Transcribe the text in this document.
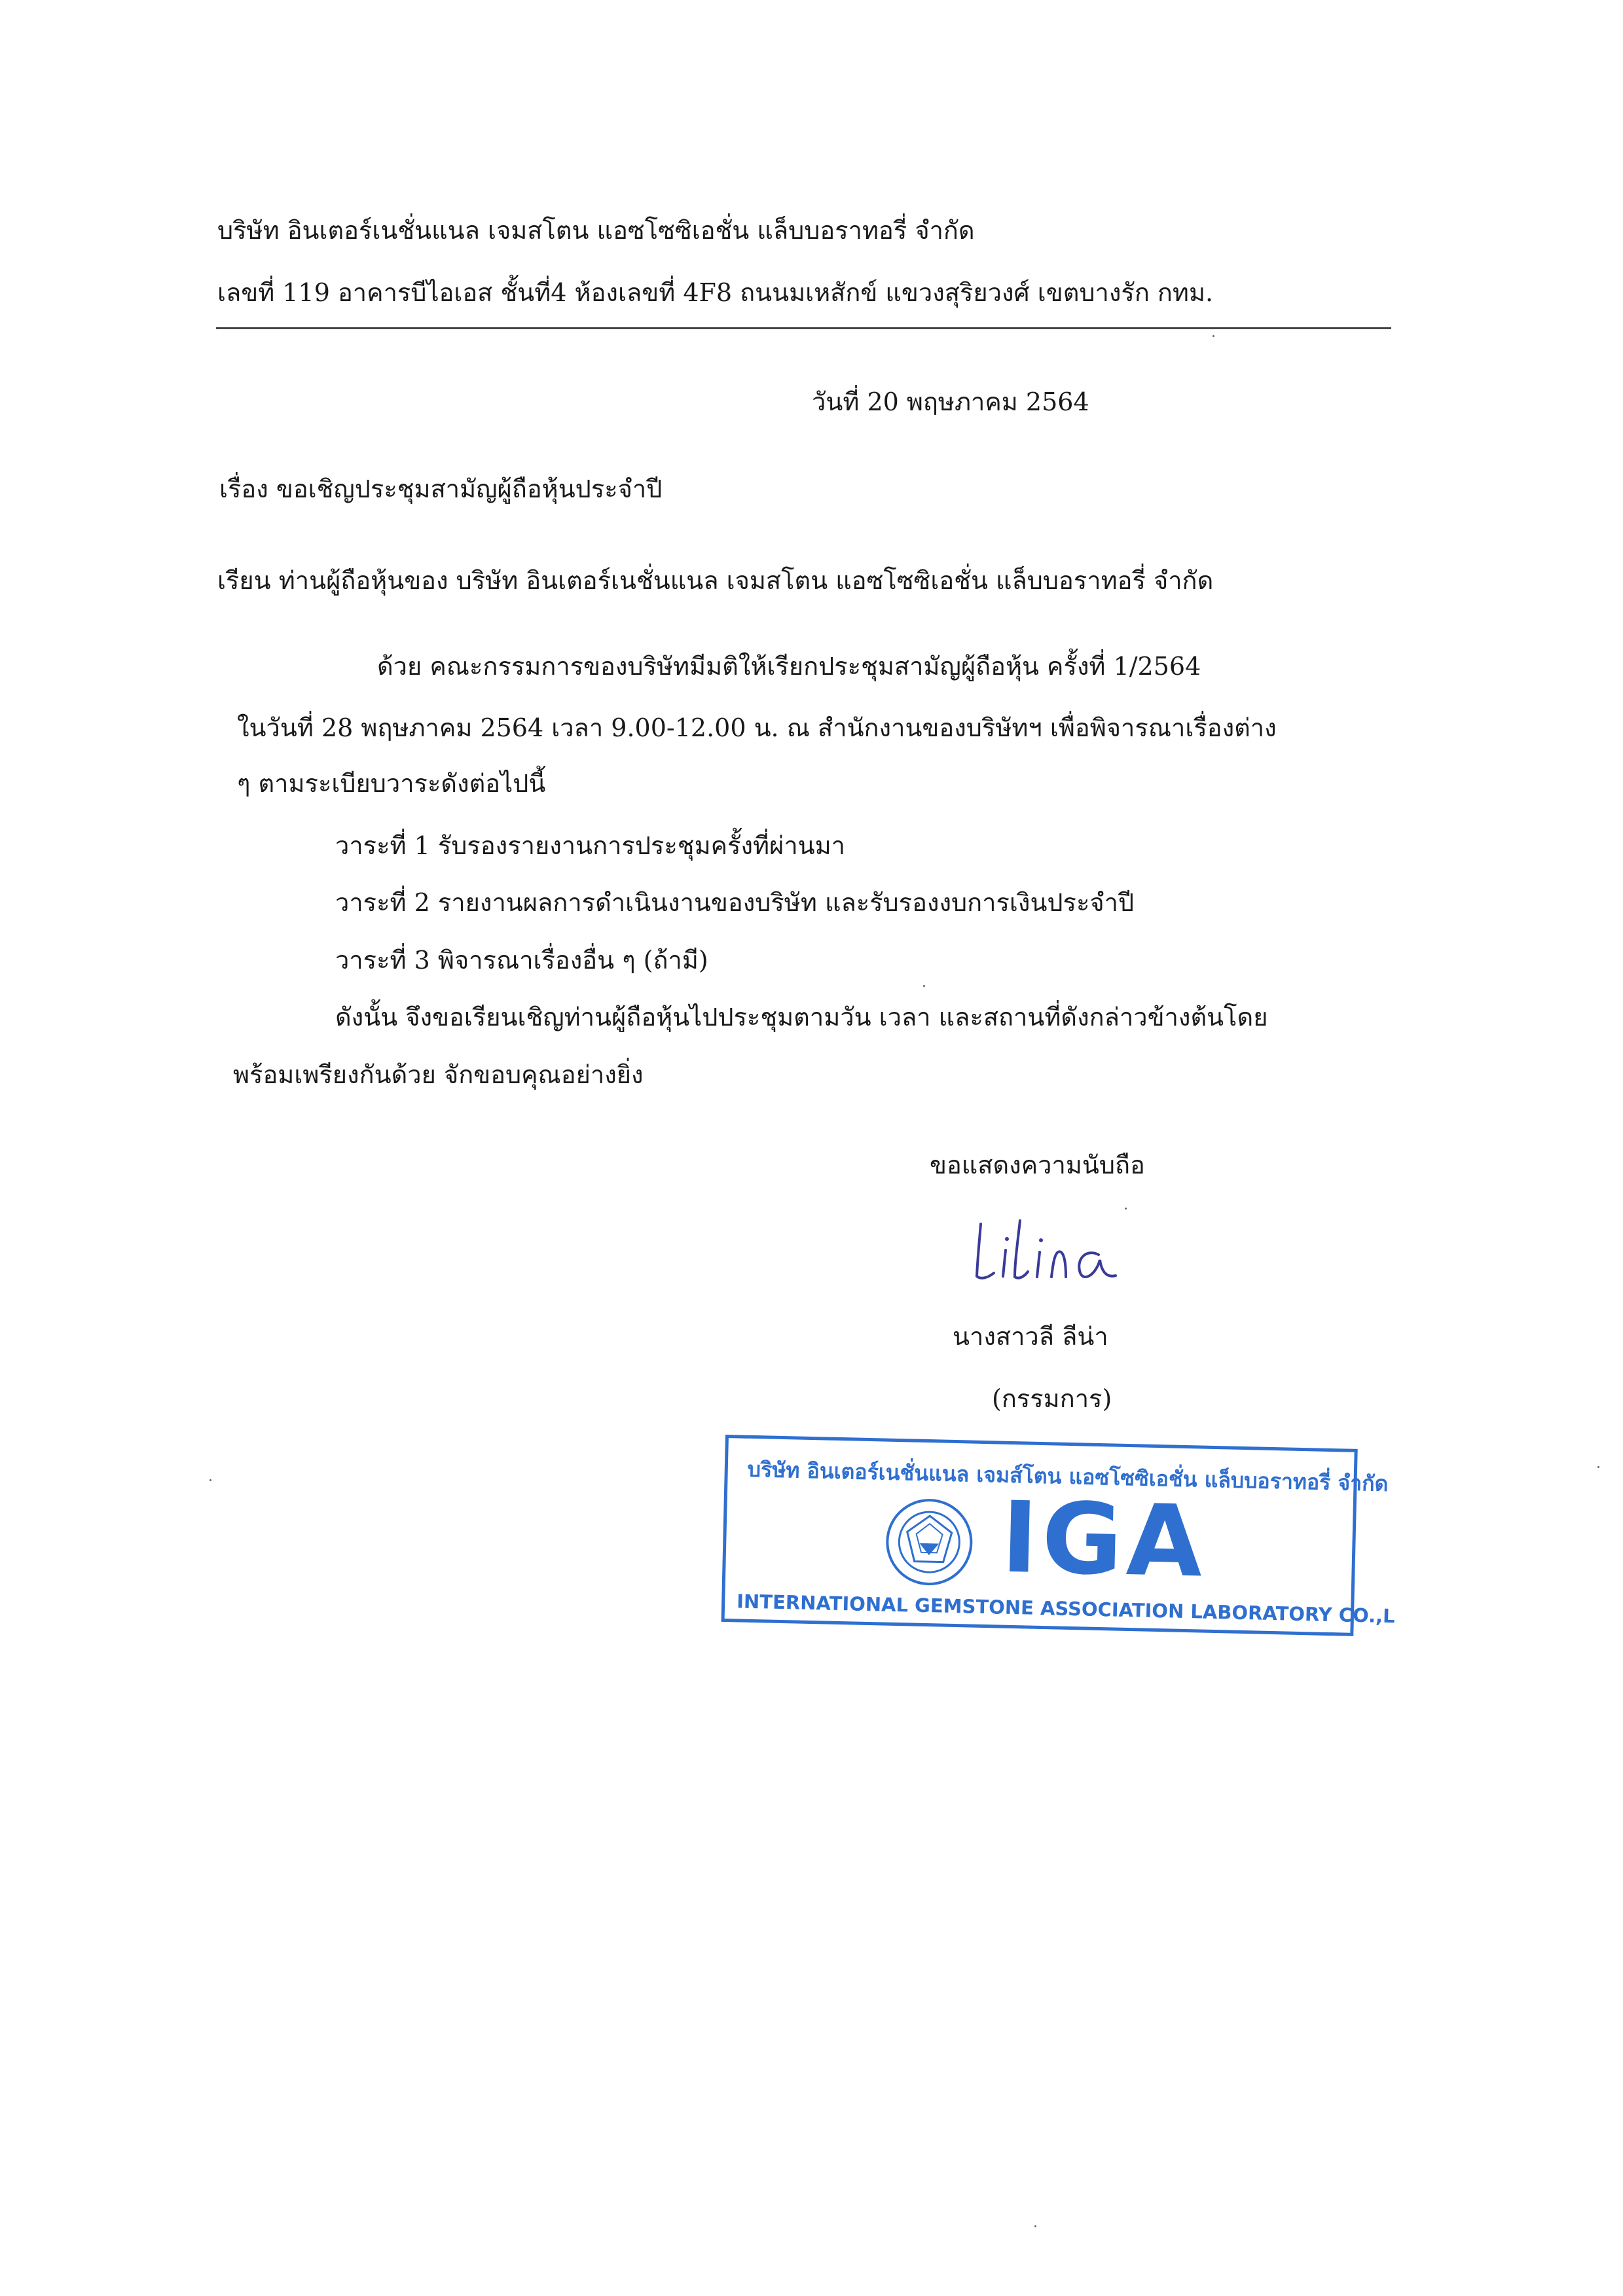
บริษัท อินเตอร์เนชั่นแนล เจมสโตน แอซโซซิเอชั่น แล็บบอราทอรี่ จำกัด
เลขที่ 119 อาคารบีไอเอส ชั้นที่4 ห้องเลขที่ 4F8 ถนนมเหสักข์ แขวงสุริยวงศ์ เขตบางรัก กทม.
วันที่ 20 พฤษภาคม 2564
เรื่อง ขอเชิญประชุมสามัญผู้ถือหุ้นประจำปี
เรียน ท่านผู้ถือหุ้นของ บริษัท อินเตอร์เนชั่นแนล เจมสโตน แอซโซซิเอชั่น แล็บบอราทอรี่ จำกัด
ด้วย คณะกรรมการของบริษัทมีมติให้เรียกประชุมสามัญผู้ถือหุ้น ครั้งที่ 1/2564
ในวันที่ 28 พฤษภาคม 2564 เวลา 9.00-12.00 น. ณ สำนักงานของบริษัทฯ เพื่อพิจารณาเรื่องต่าง
ๆ ตามระเบียบวาระดังต่อไปนี้
วาระที่ 1 รับรองรายงานการประชุมครั้งที่ผ่านมา
วาระที่ 2 รายงานผลการดำเนินงานของบริษัท และรับรองงบการเงินประจำปี
วาระที่ 3 พิจารณาเรื่องอื่น ๆ (ถ้ามี)
ดังนั้น จึงขอเรียนเชิญท่านผู้ถือหุ้นไปประชุมตามวัน เวลา และสถานที่ดังกล่าวข้างต้นโดย
พร้อมเพรียงกันด้วย จักขอบคุณอย่างยิ่ง
ขอแสดงความนับถือ
นางสาวลี ลีน่า
(กรรมการ)
บริษัท อินเตอร์เนชั่นแนล เจมส์โตน แอซโซซิเอชั่น แล็บบอราทอรี่ จำกัด
IGA
INTERNATIONAL GEMSTONE ASSOCIATION LABORATORY CO.,L
